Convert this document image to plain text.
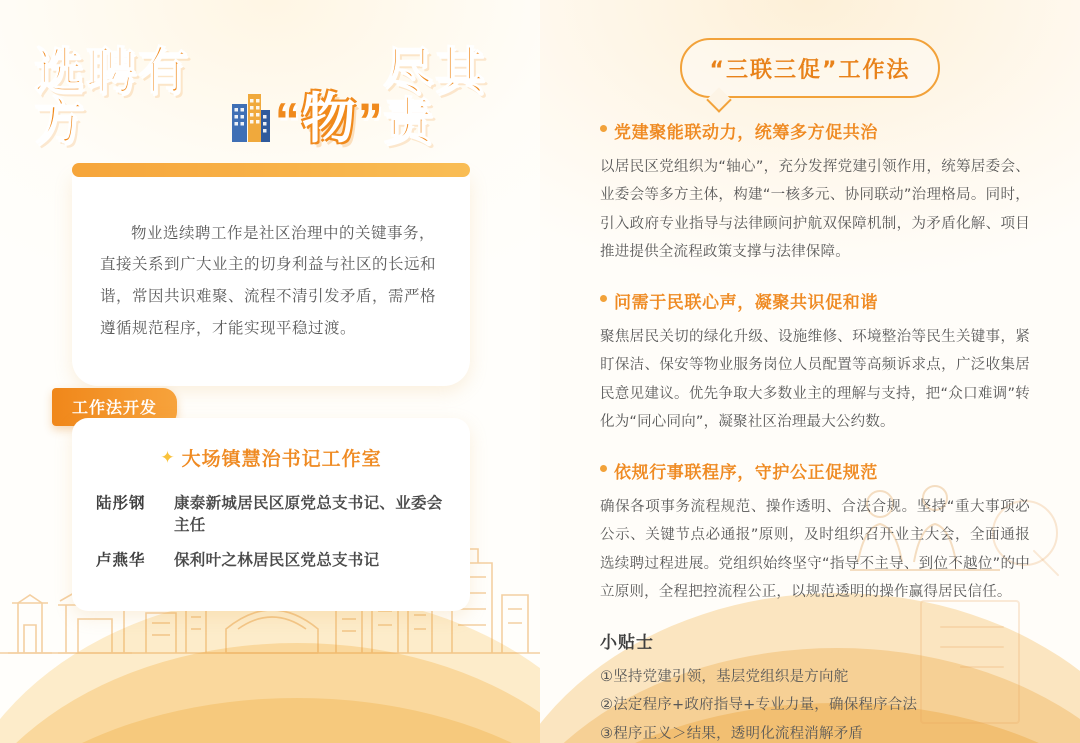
选聘有方	“ 物 ”
尽其责

物业选续聘工作是社区治理中的关键事务，直接关系到广大业主的切身利益与社区的长远和谐，常因共识难聚、流程不清引发矛盾，需严格遵循规范程序，才能实现平稳过渡。

工作法开发
✦ 大场镇慧治书记工作室
陆彤钢	康泰新城居民区原党总支书记、业委会主任
卢燕华	保利叶之林居民区党总支书记
“三联三促”工作法
党建聚能联动力，统筹多方促共治

以居民区党组织为“轴心”，充分发挥党建引领作用，统筹居委会、业委会等多方主体，构建“一核多元、协同联动”治理格局。同时，引入政府专业指导与法律顾问护航双保障机制，为矛盾化解、项目推进提供全流程政策支撑与法律保障。

问需于民联心声，凝聚共识促和谐

聚焦居民关切的绿化升级、设施维修、环境整治等民生关键事，紧盯保洁、保安等物业服务岗位人员配置等高频诉求点，广泛收集居民意见建议。优先争取大多数业主的理解与支持，把“众口难调”转化为“同心同向”，凝聚社区治理最大公约数。

依规行事联程序，守护公正促规范

确保各项事务流程规范、操作透明、合法合规。坚持“重大事项必公示、关键节点必通报”原则，及时组织召开业主大会，全面通报选续聘过程进展。党组织始终坚守“指导不主导、到位不越位”的中立原则，全程把控流程公正，以规范透明的操作赢得居民信任。

小贴士
①坚持党建引领，基层党组织是方向舵
②法定程序+政府指导+专业力量，确保程序合法
③程序正义＞结果，透明化流程消解矛盾
